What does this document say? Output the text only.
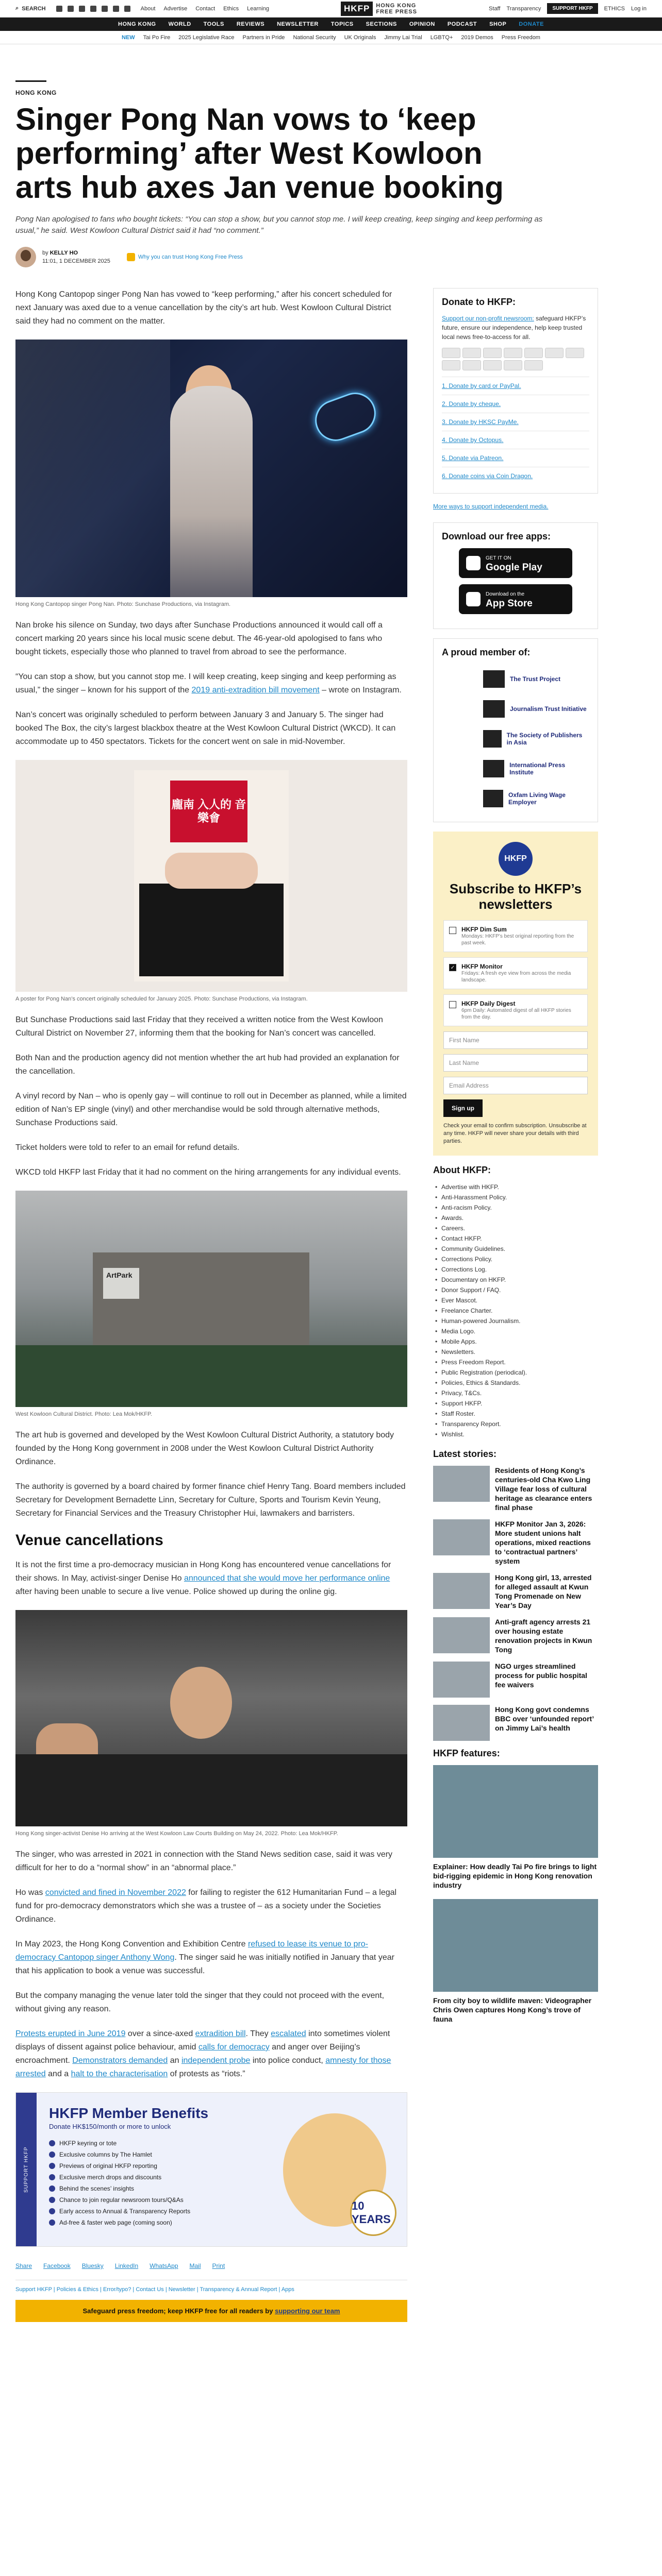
⌕ SEARCH	About Advertise Contact Ethics Learning	HKFP	HONG KONG
FREE PRESS	Staff Transparency	SUPPORT HKFP	ETHICS Log in
HONG KONG WORLD TOOLS REVIEWS NEWSLETTER TOPICS SECTIONS OPINION PODCAST SHOP DONATE
NEW Tai Po Fire 2025 Legislative Race Partners in Pride National Security UK Originals Jimmy Lai Trial LGBTQ+ 2019 Demos Press Freedom
HONG KONG
Singer Pong Nan vows to ‘keep performing’ after West Kowloon arts hub axes Jan venue booking
Pong Nan apologised to fans who bought tickets: “You can stop a show, but you cannot stop me. I will keep creating, keep singing and keep performing as usual,” he said. West Kowloon Cultural District said it had “no comment.”
by KELLY HO
11:01, 1 DECEMBER 2025
Why you can trust Hong Kong Free Press

Hong Kong Cantopop singer Pong Nan has vowed to “keep performing,” after his concert scheduled for next January was axed due to a venue cancellation by the city’s art hub. West Kowloon Cultural District said they had no comment on the matter.

Hong Kong Cantopop singer Pong Nan. Photo: Sunchase Productions, via Instagram.

Nan broke his silence on Sunday, two days after Sunchase Productions announced it would call off a concert marking 20 years since his local music scene debut. The 46-year-old apologised to fans who bought tickets, especially those who planned to travel from abroad to see the performance.

“You can stop a show, but you cannot stop me. I will keep creating, keep singing and keep performing as usual,” the singer – known for his support of the 2019 anti-extradition bill movement – wrote on Instagram.

Nan’s concert was originally scheduled to perform between January 3 and January 5. The singer had booked The Box, the city’s largest blackbox theatre at the West Kowloon Cultural District (WKCD). It can accommodate up to 450 spectators. Tickets for the concert went on sale in mid-November.

龐南 入人的 音樂會
A poster for Pong Nan’s concert originally scheduled for January 2025. Photo: Sunchase Productions, via Instagram.

But Sunchase Productions said last Friday that they received a written notice from the West Kowloon Cultural District on November 27, informing them that the booking for Nan’s concert was cancelled.

Both Nan and the production agency did not mention whether the art hub had provided an explanation for the cancellation.

A vinyl record by Nan – who is openly gay – will continue to roll out in December as planned, while a limited edition of Nan’s EP single (vinyl) and other merchandise would be sold through alternative methods, Sunchase Productions said.

Ticket holders were told to refer to an email for refund details.

WKCD told HKFP last Friday that it had no comment on the hiring arrangements for any individual events.

ArtPark
West Kowloon Cultural District. Photo: Lea Mok/HKFP.

The art hub is governed and developed by the West Kowloon Cultural District Authority, a statutory body founded by the Hong Kong government in 2008 under the West Kowloon Cultural District Authority Ordinance.

The authority is governed by a board chaired by former finance chief Henry Tang. Board members included Secretary for Development Bernadette Linn, Secretary for Culture, Sports and Tourism Kevin Yeung, Secretary for Financial Services and the Treasury Christopher Hui, lawmakers and barristers.

Venue cancellations

It is not the first time a pro-democracy musician in Hong Kong has encountered venue cancellations for their shows. In May, activist-singer Denise Ho announced that she would move her performance online after having been unable to secure a live venue. Police showed up during the online gig.

Hong Kong singer-activist Denise Ho arriving at the West Kowloon Law Courts Building on May 24, 2022. Photo: Lea Mok/HKFP.

The singer, who was arrested in 2021 in connection with the Stand News sedition case, said it was very difficult for her to do a “normal show” in an “abnormal place.”

Ho was convicted and fined in November 2022 for failing to register the 612 Humanitarian Fund – a legal fund for pro-democracy demonstrators which she was a trustee of – as a society under the Societies Ordinance.

In May 2023, the Hong Kong Convention and Exhibition Centre refused to lease its venue to pro-democracy Cantopop singer Anthony Wong. The singer said he was initially notified in January that year that his application to book a venue was successful.

But the company managing the venue later told the singer that they could not proceed with the event, without giving any reason.

Protests erupted in June 2019 over a since-axed extradition bill. They escalated into sometimes violent displays of dissent against police behaviour, amid calls for democracy and anger over Beijing’s encroachment. Demonstrators demanded an independent probe into police conduct, amnesty for those arrested and a halt to the characterisation of protests as “riots.”

SUPPORT HKFP
HKFP Member Benefits
Donate HK$150/month or more to unlock
HKFP keyring or tote
Exclusive columns by The Hamlet
Previews of original HKFP reporting
Exclusive merch drops and discounts
Behind the scenes’ insights
Chance to join regular newsroom tours/Q&As
Early access to Annual & Transparency Reports
Ad-free & faster web page (coming soon)
10 YEARS
Share Facebook Bluesky LinkedIn WhatsApp Mail Print
Support HKFP | Policies & Ethics | Error/typo? | Contact Us | Newsletter | Transparency & Annual Report | Apps
Safeguard press freedom; keep HKFP free for all readers by supporting our team
Donate to HKFP:

Support our non-profit newsroom: safeguard HKFP’s future, ensure our independence, help keep trusted local news free-to-access for all.

1. Donate by card or PayPal.
2. Donate by cheque.
3. Donate by HKSC PayMe.
4. Donate by Octopus.
5. Donate via Patreon.
6. Donate coins via Coin Dragon.
More ways to support independent media.
Download our free apps:
GET IT ON
Google Play
Download on the
App Store
A proud member of:
The Trust Project
Journalism Trust Initiative
The Society of Publishers in Asia
International Press Institute
Oxfam Living Wage Employer
HKFP
Subscribe to HKFP’s newsletters
HKFP Dim Sum
Mondays: HKFP’s best original reporting from the past week.
✓ HKFP Monitor
Fridays: A fresh eye view from across the media landscape.
HKFP Daily Digest
6pm Daily: Automated digest of all HKFP stories from the day.
First Name
Last Name
Email Address
Sign up
Check your email to confirm subscription. Unsubscribe at any time. HKFP will never share your details with third parties.
About HKFP:
• Advertise with HKFP.
• Anti-Harassment Policy.
• Anti-racism Policy.
• Awards.
• Careers.
• Contact HKFP.
• Community Guidelines.
• Corrections Policy.
• Corrections Log.
• Documentary on HKFP.
• Donor Support / FAQ.
• Ever Mascot.
• Freelance Charter.
• Human-powered Journalism.
• Media Logo.
• Mobile Apps.
• Newsletters.
• Press Freedom Report.
• Public Registration (periodical).
• Policies, Ethics & Standards.
• Privacy, T&Cs.
• Support HKFP.
• Staff Roster.
• Transparency Report.
• Wishlist.
Latest stories:
Residents of Hong Kong’s centuries-old Cha Kwo Ling Village fear loss of cultural heritage as clearance enters final phase
HKFP Monitor Jan 3, 2026: More student unions halt operations, mixed reactions to ‘contractual partners’ system
Hong Kong girl, 13, arrested for alleged assault at Kwun Tong Promenade on New Year’s Day
Anti-graft agency arrests 21 over housing estate renovation projects in Kwun Tong
NGO urges streamlined process for public hospital fee waivers
Hong Kong govt condemns BBC over ‘unfounded report’ on Jimmy Lai’s health
HKFP features:
Explainer: How deadly Tai Po fire brings to light bid-rigging epidemic in Hong Kong renovation industry
From city boy to wildlife maven: Videographer Chris Owen captures Hong Kong’s trove of fauna
